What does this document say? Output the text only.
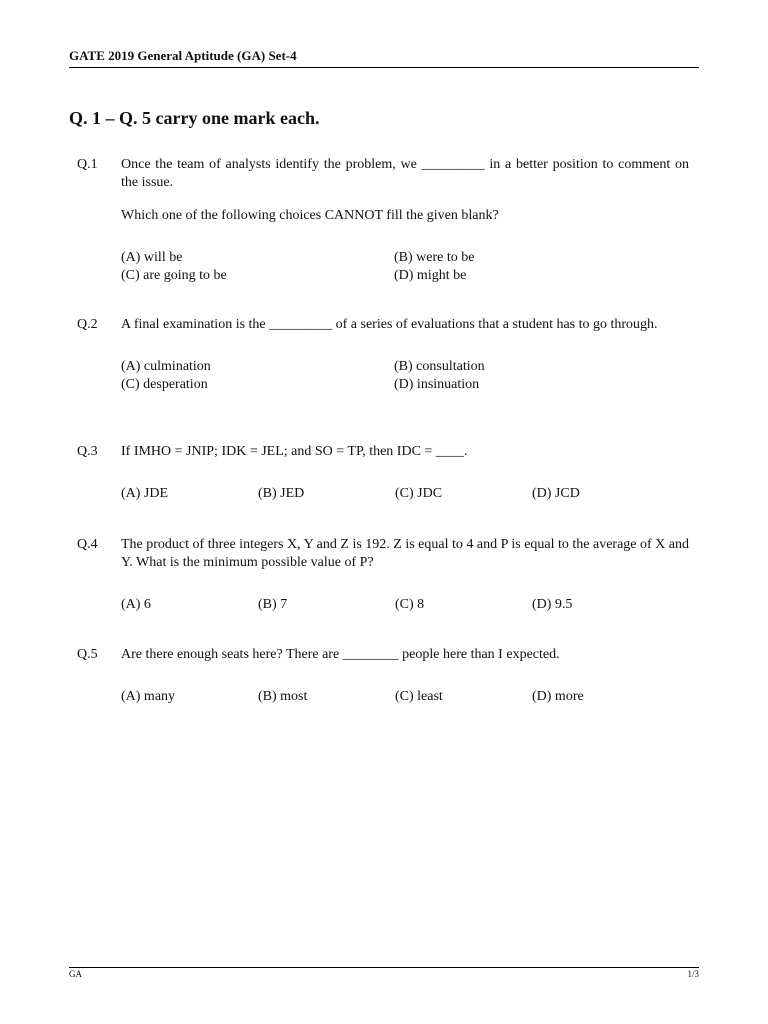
GATE 2019 General Aptitude (GA) Set-4
Q. 1 – Q. 5 carry one mark each.
Q.1 Once the team of analysts identify the problem, we _________ in a better position to comment on the issue.
Which one of the following choices CANNOT fill the given blank?
(A) will be	(B) were to be
(C) are going to be	(D) might be
Q.2 A final examination is the _________ of a series of evaluations that a student has to go through.
(A) culmination	(B) consultation
(C) desperation	(D) insinuation
Q.3 If IMHO = JNIP; IDK = JEL; and SO = TP, then IDC = ____.
(A) JDE	(B) JED	(C) JDC	(D) JCD
Q.4 The product of three integers X, Y and Z is 192. Z is equal to 4 and P is equal to the average of X and Y. What is the minimum possible value of P?
(A) 6	(B) 7	(C) 8	(D) 9.5
Q.5 Are there enough seats here? There are ________ people here than I expected.
(A) many	(B) most	(C) least	(D) more
GA	1/3
